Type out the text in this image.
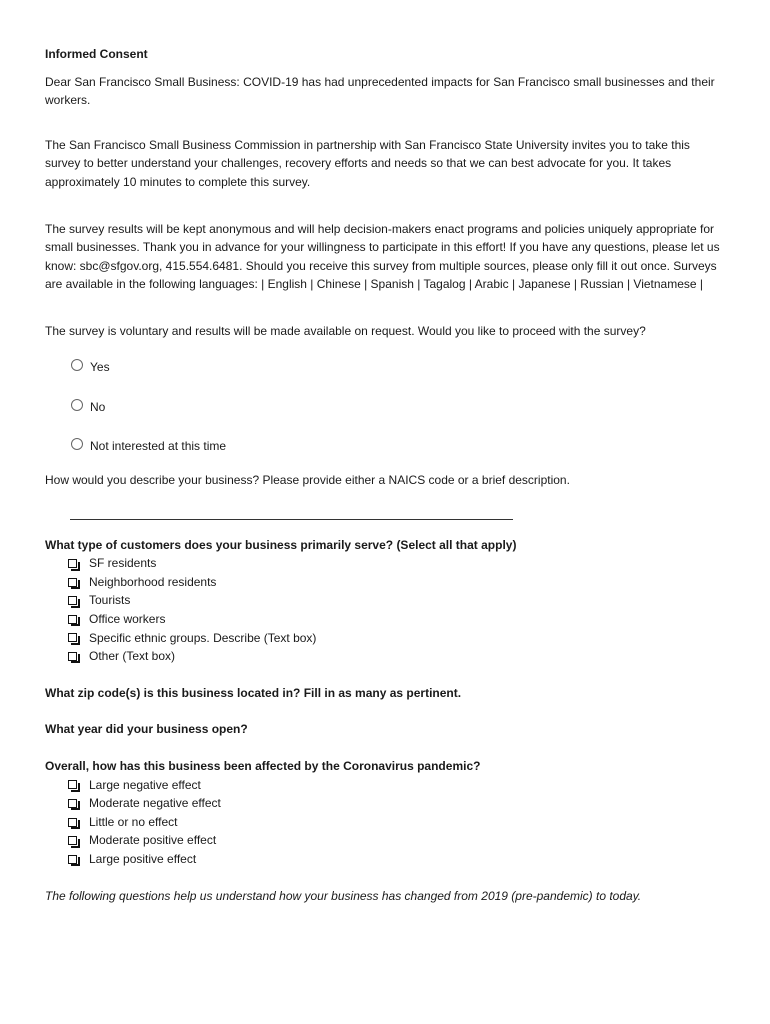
Informed Consent

Dear San Francisco Small Business: COVID-19 has had unprecedented impacts for San Francisco small businesses and their workers.

The San Francisco Small Business Commission in partnership with San Francisco State University invites you to take this survey to better understand your challenges, recovery efforts and needs so that we can best advocate for you. It takes approximately 10 minutes to complete this survey.

The survey results will be kept anonymous and will help decision-makers enact programs and policies uniquely appropriate for small businesses. Thank you in advance for your willingness to participate in this effort! If you have any questions, please let us know: sbc@sfgov.org, 415.554.6481. Should you receive this survey from multiple sources, please only fill it out once. Surveys are available in the following languages: | English | Chinese | Spanish | Tagalog | Arabic | Japanese | Russian | Vietnamese |

The survey is voluntary and results will be made available on request. Would you like to proceed with the survey?

Yes
No
Not interested at this time

How would you describe your business? Please provide either a NAICS code or a brief description.

What type of customers does your business primarily serve? (Select all that apply)

SF residents
Neighborhood residents
Tourists
Office workers
Specific ethnic groups. Describe (Text box)
Other (Text box)

What zip code(s) is this business located in? Fill in as many as pertinent.

What year did your business open?

Overall, how has this business been affected by the Coronavirus pandemic?

Large negative effect
Moderate negative effect
Little or no effect
Moderate positive effect
Large positive effect

The following questions help us understand how your business has changed from 2019 (pre-pandemic) to today.
